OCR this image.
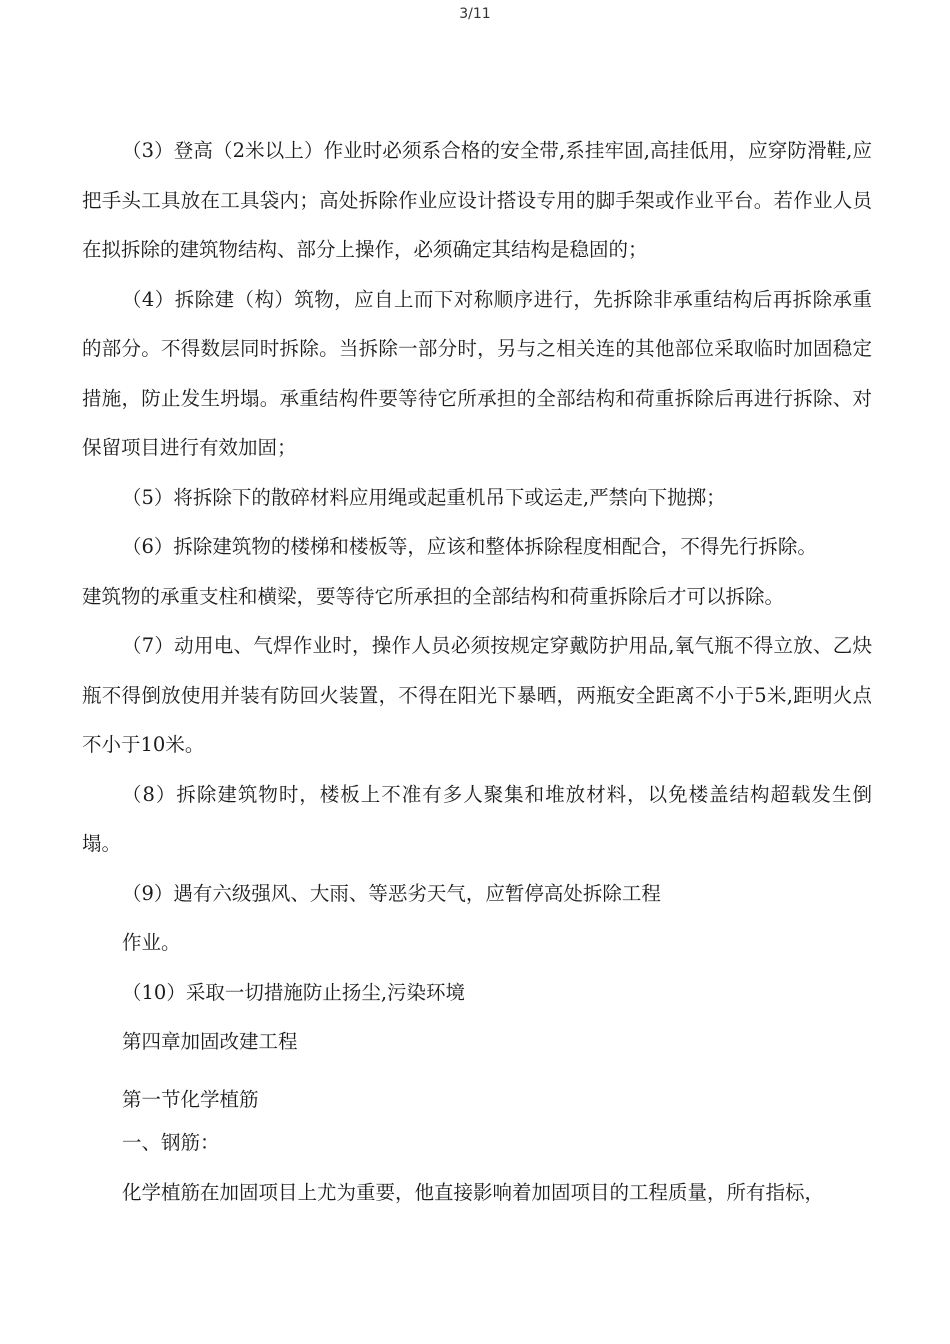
3/11

（3）登高（2米以上）作业时必须系合格的安全带,系挂牢固,高挂低用，应穿防滑鞋,应把手头工具放在工具袋内；高处拆除作业应设计搭设专用的脚手架或作业平台。若作业人员在拟拆除的建筑物结构、部分上操作，必须确定其结构是稳固的；

（4）拆除建（构）筑物，应自上而下对称顺序进行，先拆除非承重结构后再拆除承重的部分。不得数层同时拆除。当拆除一部分时，另与之相关连的其他部位采取临时加固稳定措施，防止发生坍塌。承重结构件要等待它所承担的全部结构和荷重拆除后再进行拆除、对保留项目进行有效加固；

（5）将拆除下的散碎材料应用绳或起重机吊下或运走,严禁向下抛掷；

（6）拆除建筑物的楼梯和楼板等，应该和整体拆除程度相配合，不得先行拆除。

建筑物的承重支柱和横梁，要等待它所承担的全部结构和荷重拆除后才可以拆除。

（7）动用电、气焊作业时，操作人员必须按规定穿戴防护用品,氧气瓶不得立放、乙炔瓶不得倒放使用并装有防回火装置，不得在阳光下暴晒，两瓶安全距离不小于5米,距明火点不小于10米。

（8）拆除建筑物时，楼板上不准有多人聚集和堆放材料，以免楼盖结构超载发生倒塌。

（9）遇有六级强风、大雨、等恶劣天气，应暂停高处拆除工程

作业。

（10）采取一切措施防止扬尘,污染环境

第四章加固改建工程

第一节化学植筋

一、钢筋：

化学植筋在加固项目上尤为重要，他直接影响着加固项目的工程质量，所有指标，
